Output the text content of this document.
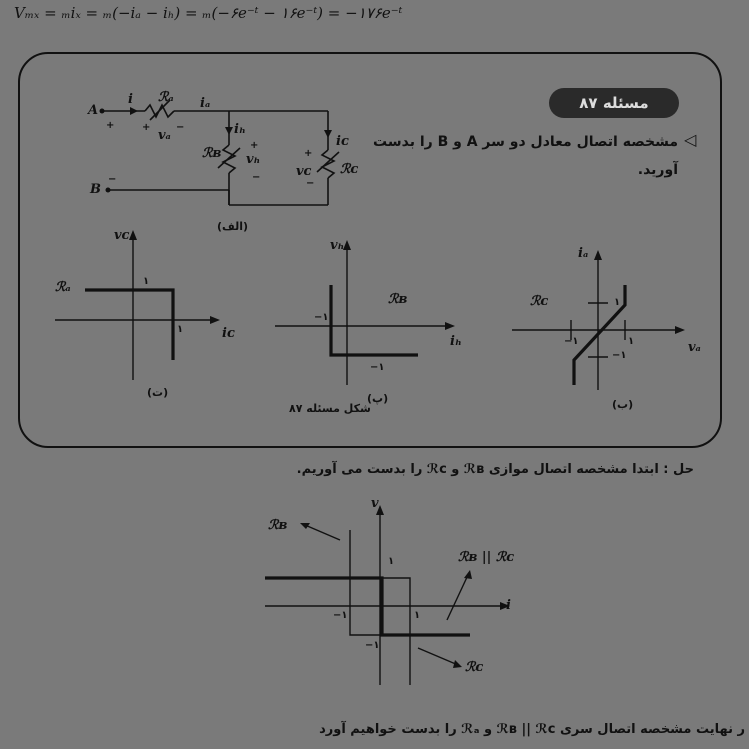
Vₘₓ = ₘiₓ = ₘ(−iₐ − iₕ) = ₘ(−۶e⁻ᵗ − ۱۶e⁻ᵗ) = −۱۷۶e⁻ᵗ
مسئله ۸۷
◁
مشخصه اتصال معادل دو سر A و B را بدست
آورید.
A
B
i	iₐ
iₕ
iᴄ
ℛₐ
ℛʙ
ℛᴄ
vₐ
vₕ
vᴄ
+
−
+	−
+
−
+
−
(الف)
vᴄ
iᴄ
ℛₐ	۱
۱
(ت)
vₕ
iₕ
ℛʙ
−۱
−۱
(پ)
iₐ
vₐ
ℛᴄ	۱
−۱
−۱	۱
(ب)
شکل مسئله ۸۷
حل : ابتدا مشخصه اتصال موازی ℛʙ و ℛᴄ را بدست می آوریم.
v
i
ℛʙ
ℛᴄ
ℛʙ || ℛᴄ
۱
−۱	۱
−۱
ر نهایت مشخصه اتصال سری ℛʙ || ℛᴄ و ℛₐ را بدست خواهیم آورد
